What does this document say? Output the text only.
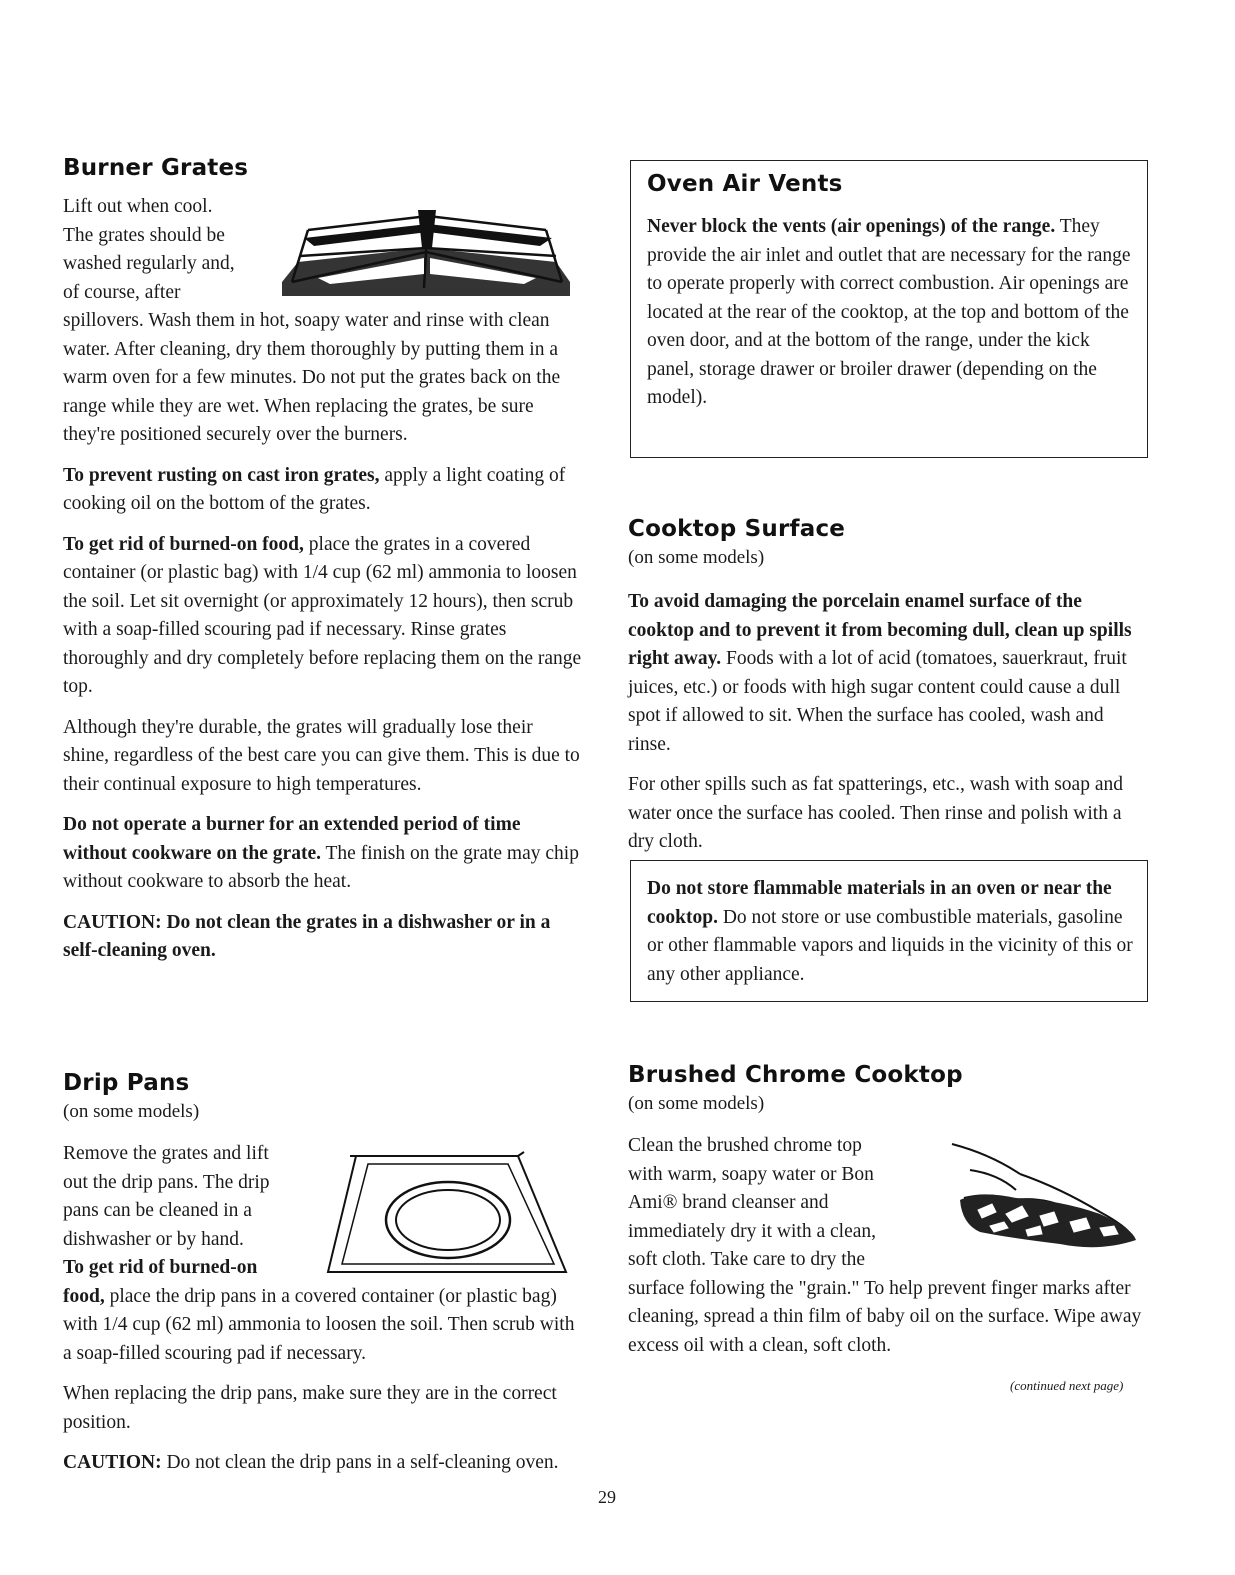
Burner Grates
Lift out when cool.
The grates should be
washed regularly and,
of course, after

spillovers. Wash them in hot, soapy water and rinse with clean water. After cleaning, dry them thoroughly by putting them in a warm oven for a few minutes. Do not put the grates back on the range while they are wet. When replacing the grates, be sure they're positioned securely over the burners.

To prevent rusting on cast iron grates, apply a light coating of cooking oil on the bottom of the grates.

To get rid of burned-on food, place the grates in a covered container (or plastic bag) with 1/4 cup (62 ml) ammonia to loosen the soil. Let sit overnight (or approximately 12 hours), then scrub with a soap-filled scouring pad if necessary. Rinse grates thoroughly and dry completely before replacing them on the range top.

Although they're durable, the grates will gradually lose their shine, regardless of the best care you can give them. This is due to their continual exposure to high temperatures.

Do not operate a burner for an extended period of time without cookware on the grate. The finish on the grate may chip without cookware to absorb the heat.

CAUTION: Do not clean the grates in a dishwasher or in a self-cleaning oven.

Drip Pans
(on some models)
Remove the grates and lift
out the drip pans. The drip
pans can be cleaned in a
dishwasher or by hand.
To get rid of burned-on

food, place the drip pans in a covered container (or plastic bag) with 1/4 cup (62 ml) ammonia to loosen the soil. Then scrub with a soap-filled scouring pad if necessary.

When replacing the drip pans, make sure they are in the correct position.

CAUTION: Do not clean the drip pans in a self-cleaning oven.

Oven Air Vents

Never block the vents (air openings) of the range. They provide the air inlet and outlet that are necessary for the range to operate properly with correct combustion. Air openings are located at the rear of the cooktop, at the top and bottom of the oven door, and at the bottom of the range, under the kick panel, storage drawer or broiler drawer (depending on the model).

Cooktop Surface
(on some models)

To avoid damaging the porcelain enamel surface of the cooktop and to prevent it from becoming dull, clean up spills right away. Foods with a lot of acid (tomatoes, sauerkraut, fruit juices, etc.) or foods with high sugar content could cause a dull spot if allowed to sit. When the surface has cooled, wash and rinse.

For other spills such as fat spatterings, etc., wash with soap and water once the surface has cooled. Then rinse and polish with a dry cloth.

Do not store flammable materials in an oven or near the cooktop. Do not store or use combustible materials, gasoline or other flammable vapors and liquids in the vicinity of this or any other appliance.

Brushed Chrome Cooktop
(on some models)
Clean the brushed chrome top
with warm, soapy water or Bon
Ami® brand cleanser and
immediately dry it with a clean,
soft cloth. Take care to dry the

surface following the "grain." To help prevent finger marks after cleaning, spread a thin film of baby oil on the surface. Wipe away excess oil with a clean, soft cloth.

(continued next page)
29
